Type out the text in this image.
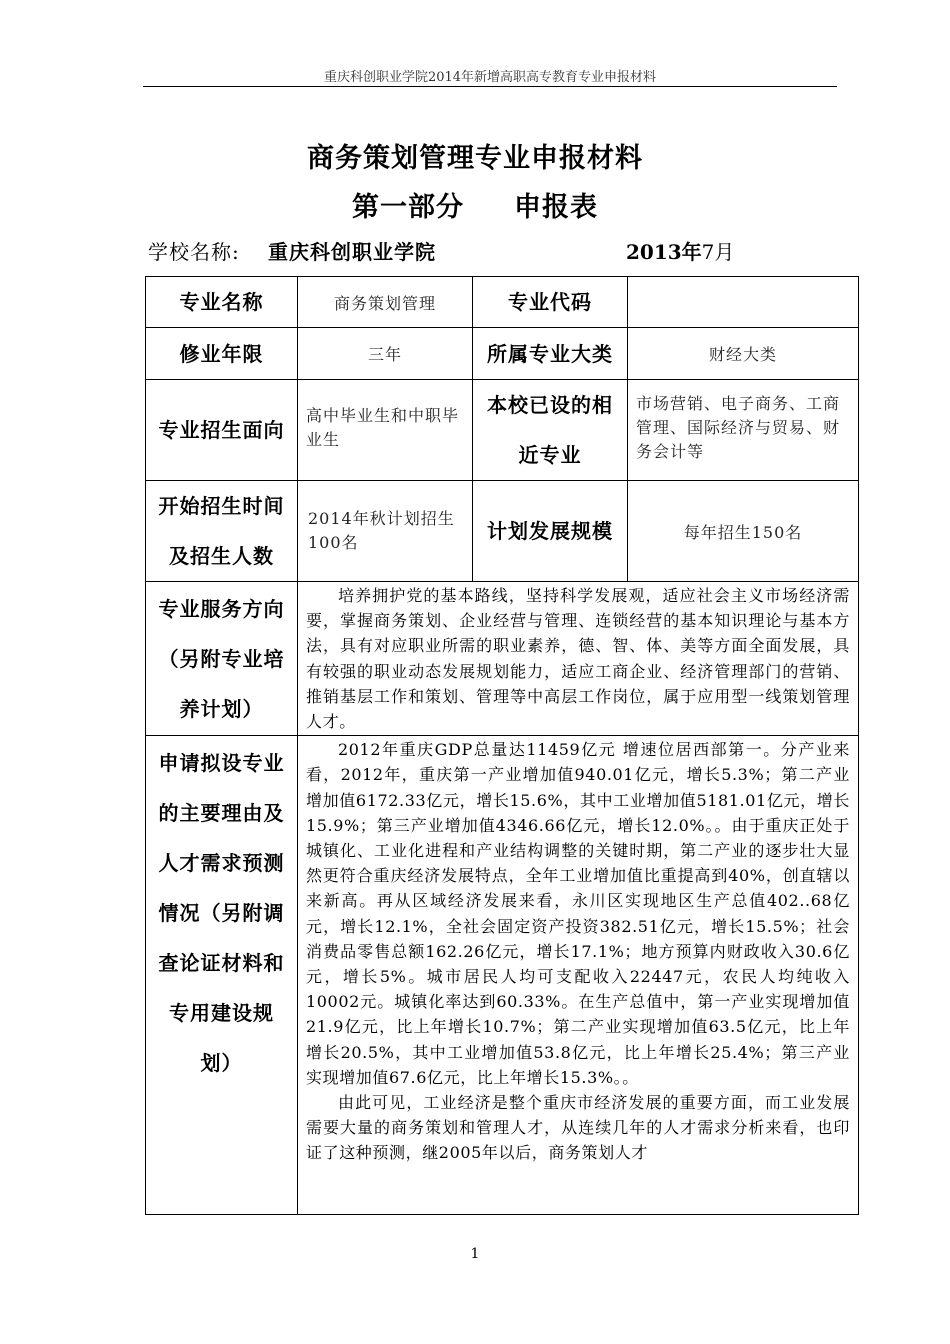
重庆科创职业学院2014年新增高职高专教育专业申报材料
商务策划管理专业申报材料
第一部分 申报表
学校名称: 重庆科创职业学院	2013年7月
专业名称	商务策划管理	专业代码	
修业年限	三年	所属专业大类	财经大类
专业招生面向	高中毕业生和中职毕业生	本校已设的相近专业	市场营销、电子商务、工商管理、国际经济与贸易、财务会计等
开始招生时间及招生人数	2014年秋计划招生100名	计划发展规模	每年招生150名
专业服务方向（另附专业培养计划）	培养拥护党的基本路线，坚持科学发展观，适应社会主义市场经济需要，掌握商务策划、企业经营与管理、连锁经营的基本知识理论与基本方法，具有对应职业所需的职业素养，德、智、体、美等方面全面发展，具有较强的职业动态发展规划能力，适应工商企业、经济管理部门的营销、推销基层工作和策划、管理等中高层工作岗位，属于应用型一线策划管理人才。		

申请拟设专业的主要理由及人才需求预测情况（另附调查论证材料和专用建设规划）	2012年重庆GDP总量达11459亿元 增速位居西部第一。分产业来看，2012年，重庆第一产业增加值940.01亿元，增长5.3%；第二产业增加值6172.33亿元，增长15.6%，其中工业增加值5181.01亿元，增长15.9%；第三产业增加值4346.66亿元，增长12.0%。。由于重庆正处于城镇化、工业化进程和产业结构调整的关键时期，第二产业的逐步壮大显然更符合重庆经济发展特点，全年工业增加值比重提高到40%，创直辖以来新高。再从区域经济发展来看，永川区实现地区生产总值402..68亿元，增长12.1%，全社会固定资产投资382.51亿元，增长15.5%；社会消费品零售总额162.26亿元，增长17.1%；地方预算内财政收入30.6亿元，增长5%。城市居民人均可支配收入22447元，农民人均纯收入10002元。城镇化率达到60.33%。在生产总值中，第一产业实现增加值21.9亿元，比上年增长10.7%；第二产业实现增加值63.5亿元，比上年增长20.5%，其中工业增加值53.8亿元，比上年增长25.4%；第三产业实现增加值67.6亿元，比上年增长15.3%。。

由此可见，工业经济是整个重庆市经济发展的重要方面，而工业发展需要大量的商务策划和管理人才，从连续几年的人才需求分析来看，也印证了这种预测，继2005年以后，商务策划人才		

1
